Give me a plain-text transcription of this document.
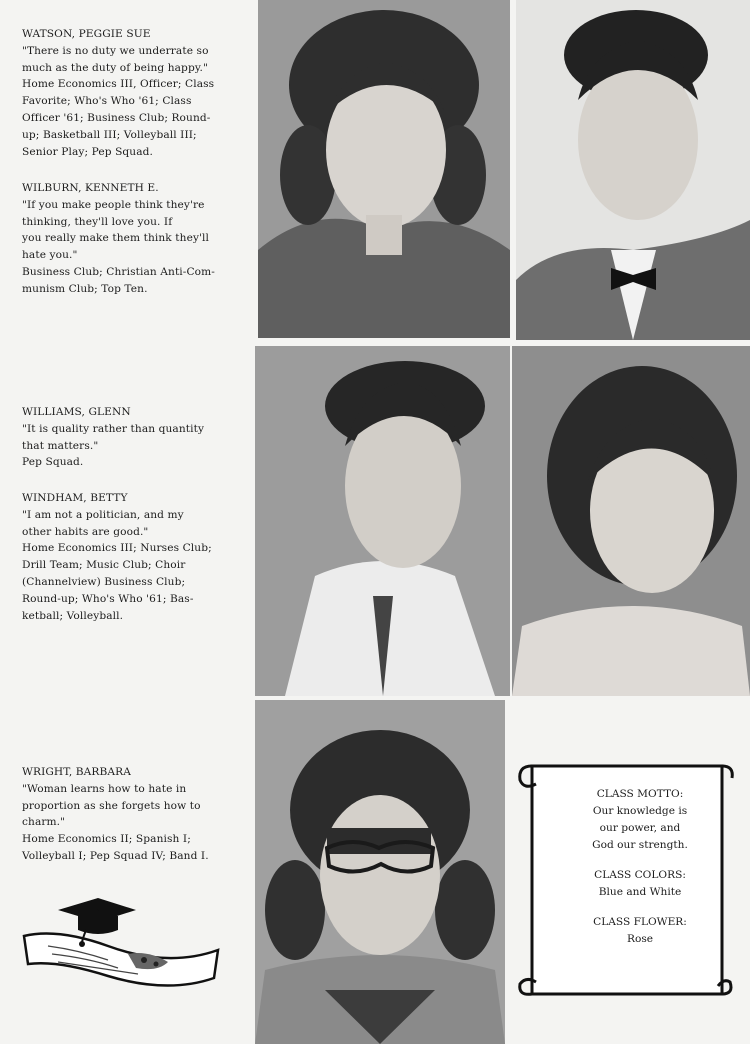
WATSON, PEGGIE SUE

"There is no duty we underrate so

much as the duty of being happy."

Home Economics III, Officer; Class

Favorite; Who's Who '61; Class

Officer '61; Business Club; Round-

up; Basketball III; Volleyball III;

Senior Play; Pep Squad.

WILBURN, KENNETH E.

"If you make people think they're

thinking, they'll love you. If

you really make them think they'll

hate you."

Business Club; Christian Anti-Com-

munism Club; Top Ten.

WILLIAMS, GLENN

"It is quality rather than quantity

that matters."

Pep Squad.

WINDHAM, BETTY

"I am not a politician, and my

other habits are good."

Home Economics III; Nurses Club;

Drill Team; Music Club; Choir

(Channelview) Business Club;

Round-up; Who's Who '61; Bas-

ketball; Volleyball.

WRIGHT, BARBARA

"Woman learns how to hate in

proportion as she forgets how to

charm."

Home Economics II; Spanish I;

Volleyball I; Pep Squad IV; Band I.

CLASS MOTTO:
Our knowledge is
our power, and
God our strength.
CLASS COLORS:
Blue and White
CLASS FLOWER:
Rose
